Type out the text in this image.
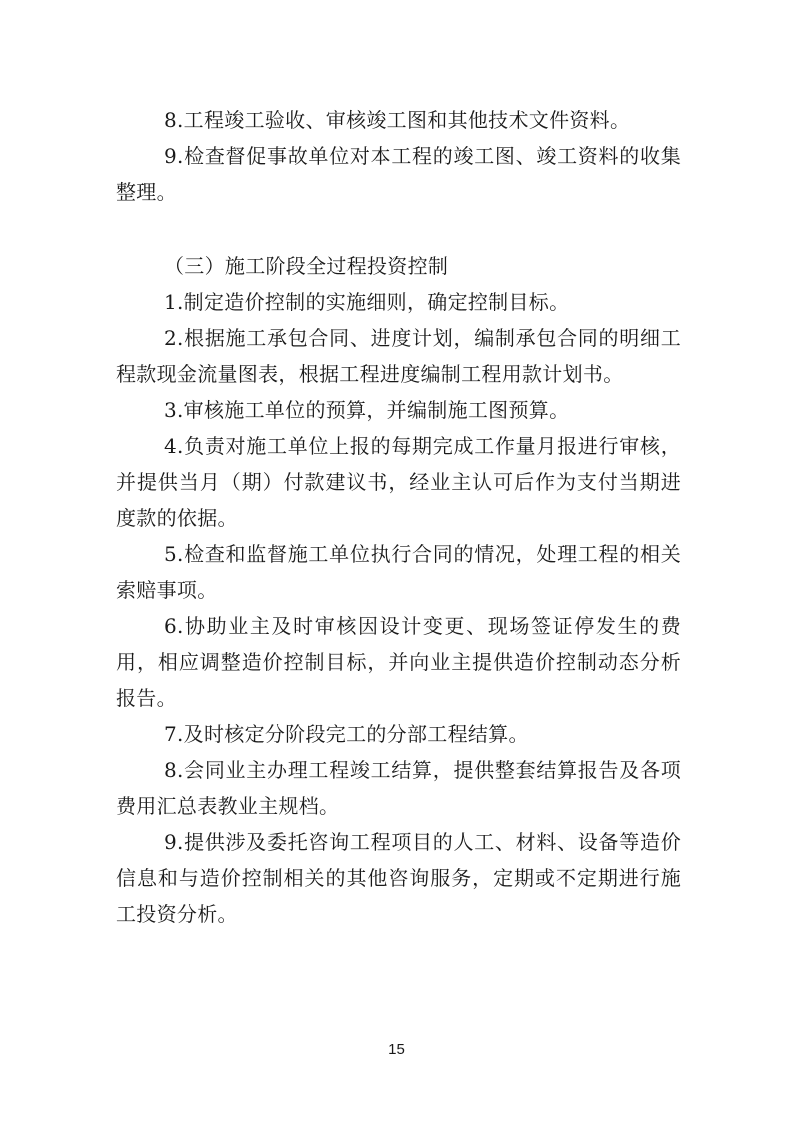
8.工程竣工验收、审核竣工图和其他技术文件资料。

9.检查督促事故单位对本工程的竣工图、竣工资料的收集整理。

（三）施工阶段全过程投资控制

1.制定造价控制的实施细则，确定控制目标。

2.根据施工承包合同、进度计划，编制承包合同的明细工程款现金流量图表，根据工程进度编制工程用款计划书。

3.审核施工单位的预算，并编制施工图预算。

4.负责对施工单位上报的每期完成工作量月报进行审核，并提供当月（期）付款建议书，经业主认可后作为支付当期进度款的依据。

5.检查和监督施工单位执行合同的情况，处理工程的相关索赔事项。

6.协助业主及时审核因设计变更、现场签证停发生的费用，相应调整造价控制目标，并向业主提供造价控制动态分析报告。

7.及时核定分阶段完工的分部工程结算。

8.会同业主办理工程竣工结算，提供整套结算报告及各项费用汇总表教业主规档。

9.提供涉及委托咨询工程项目的人工、材料、设备等造价信息和与造价控制相关的其他咨询服务，定期或不定期进行施工投资分析。

15
